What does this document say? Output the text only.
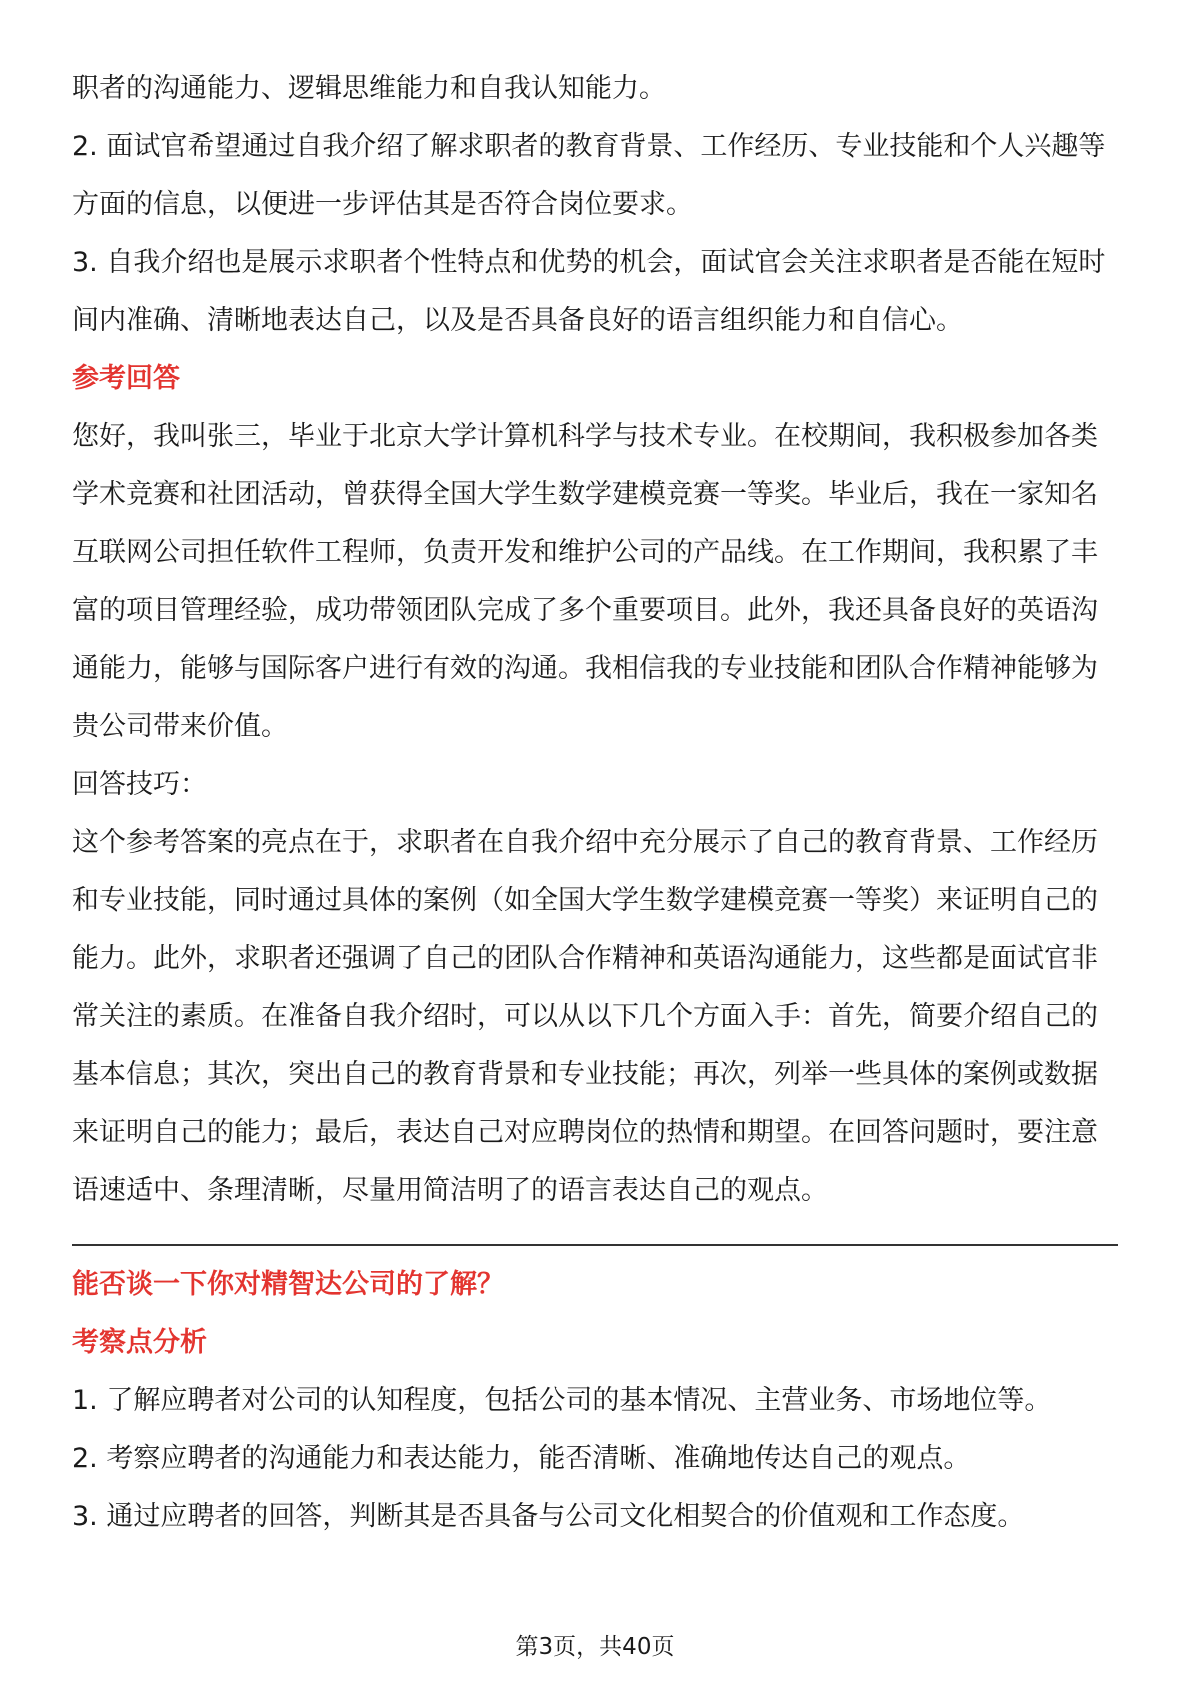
职者的沟通能力、逻辑思维能力和自我认知能力。

2. 面试官希望通过自我介绍了解求职者的教育背景、工作经历、专业技能和个人兴趣等方面的信息，以便进一步评估其是否符合岗位要求。

3. 自我介绍也是展示求职者个性特点和优势的机会，面试官会关注求职者是否能在短时间内准确、清晰地表达自己，以及是否具备良好的语言组织能力和自信心。

参考回答

您好，我叫张三，毕业于北京大学计算机科学与技术专业。在校期间，我积极参加各类学术竞赛和社团活动，曾获得全国大学生数学建模竞赛一等奖。毕业后，我在一家知名互联网公司担任软件工程师，负责开发和维护公司的产品线。在工作期间，我积累了丰富的项目管理经验，成功带领团队完成了多个重要项目。此外，我还具备良好的英语沟通能力，能够与国际客户进行有效的沟通。我相信我的专业技能和团队合作精神能够为贵公司带来价值。

回答技巧：

这个参考答案的亮点在于，求职者在自我介绍中充分展示了自己的教育背景、工作经历和专业技能，同时通过具体的案例（如全国大学生数学建模竞赛一等奖）来证明自己的能力。此外，求职者还强调了自己的团队合作精神和英语沟通能力，这些都是面试官非常关注的素质。在准备自我介绍时，可以从以下几个方面入手：首先，简要介绍自己的基本信息；其次，突出自己的教育背景和专业技能；再次，列举一些具体的案例或数据来证明自己的能力；最后，表达自己对应聘岗位的热情和期望。在回答问题时，要注意语速适中、条理清晰，尽量用简洁明了的语言表达自己的观点。

能否谈一下你对精智达公司的了解？

考察点分析

1. 了解应聘者对公司的认知程度，包括公司的基本情况、主营业务、市场地位等。

2. 考察应聘者的沟通能力和表达能力，能否清晰、准确地传达自己的观点。

3. 通过应聘者的回答，判断其是否具备与公司文化相契合的价值观和工作态度。

第3页，共40页
